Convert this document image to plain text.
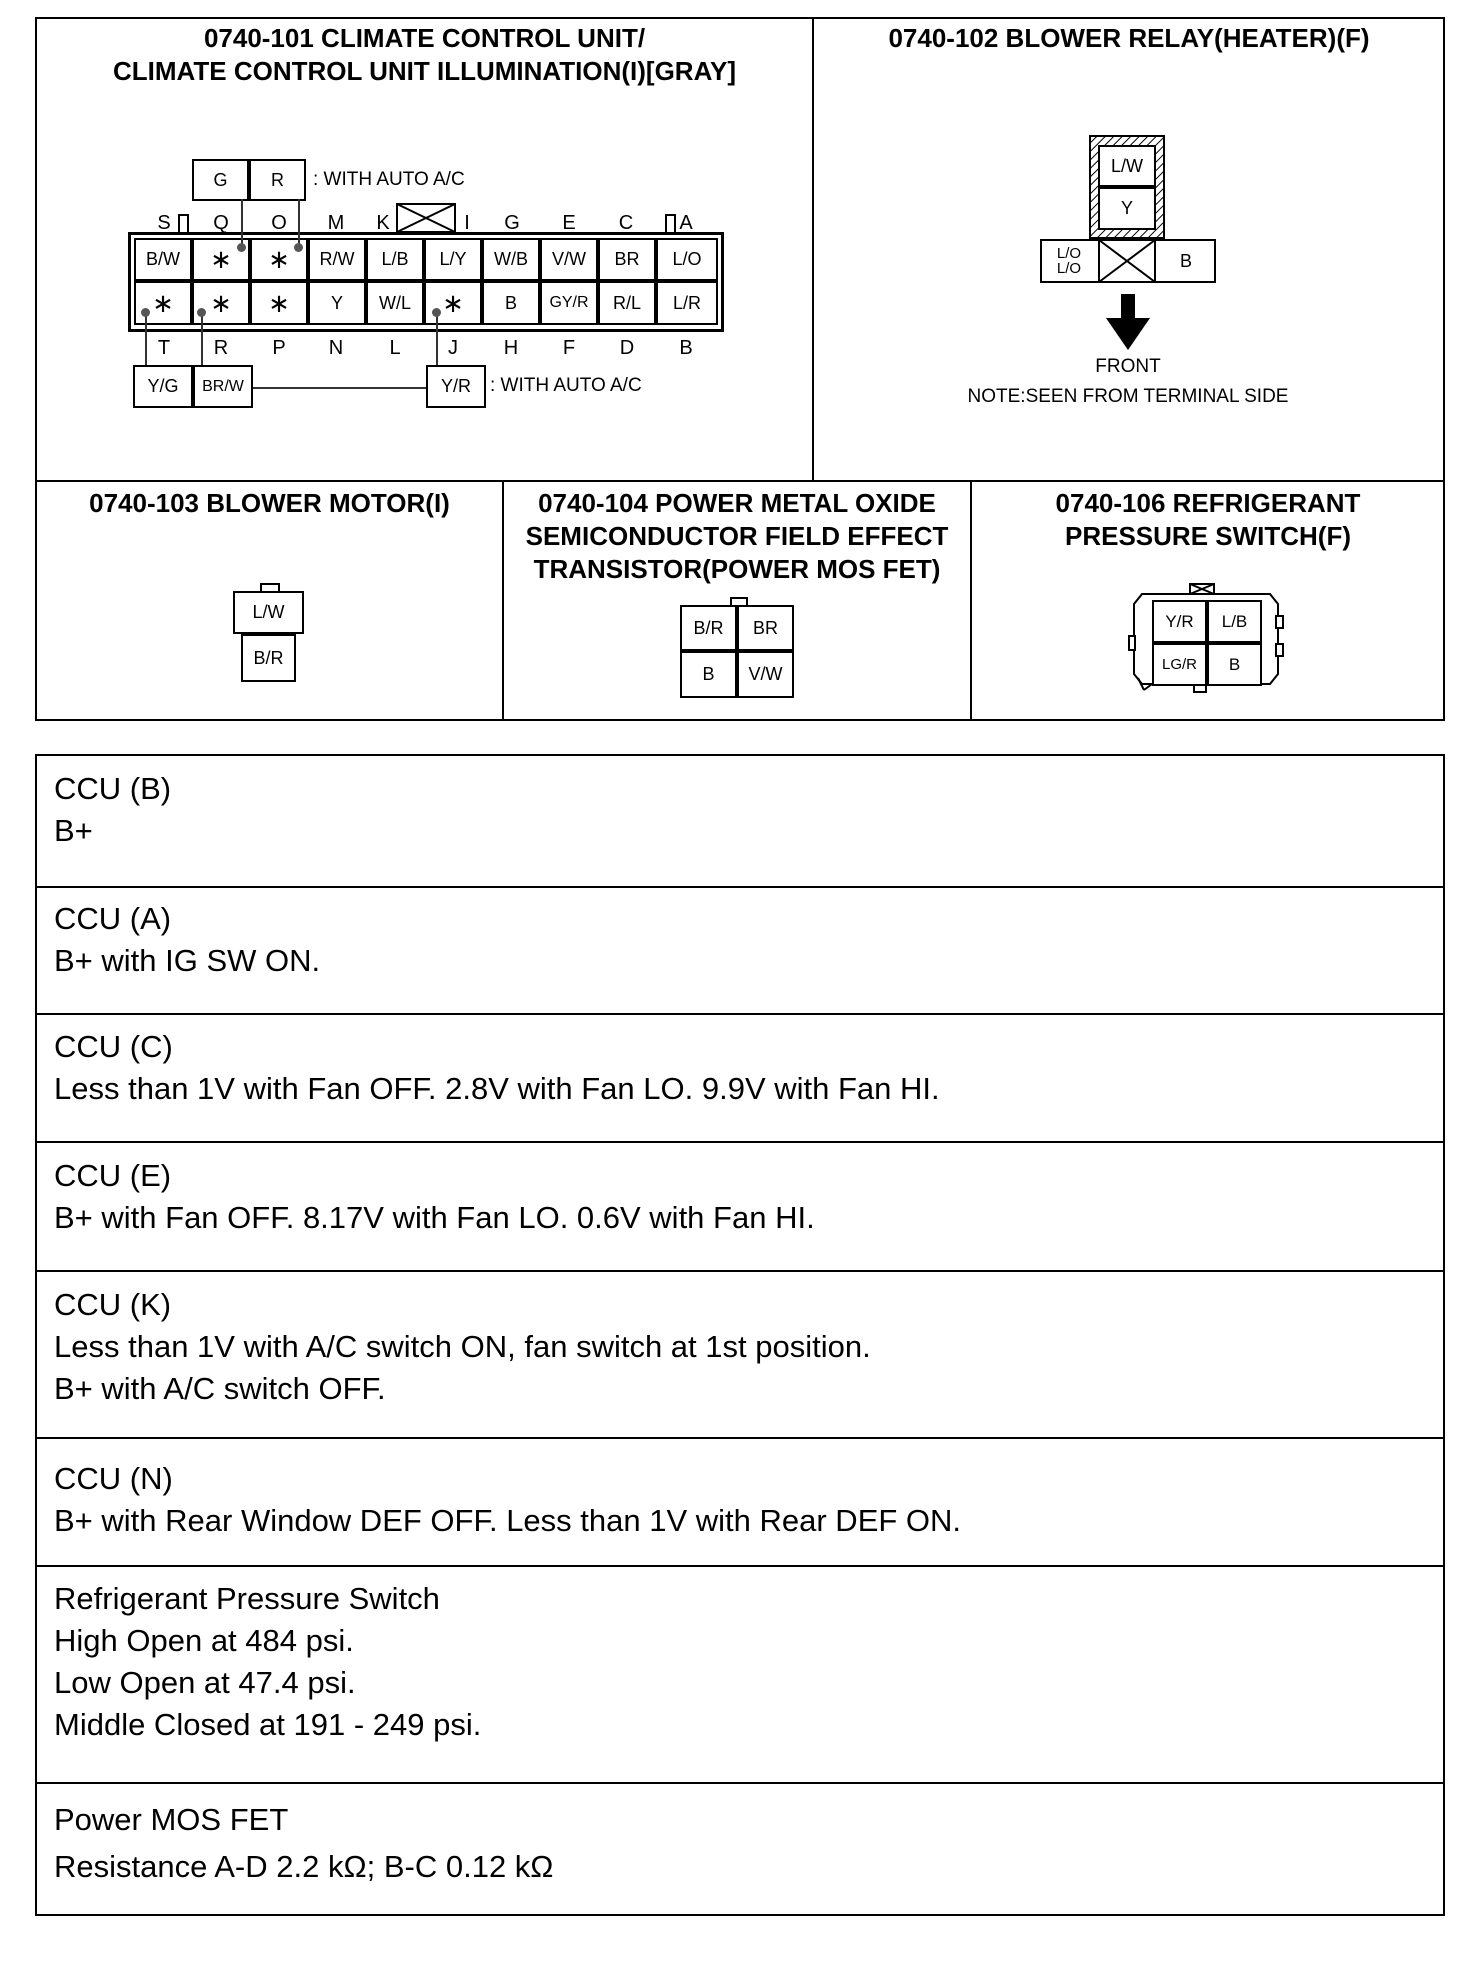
0740-101 CLIMATE CONTROL UNIT/
CLIMATE CONTROL UNIT ILLUMINATION(I)[GRAY]
0740-102 BLOWER RELAY(HEATER)(F)
0740-103 BLOWER MOTOR(I)	0740-104 POWER METAL OXIDE
SEMICONDUCTOR FIELD EFFECT
TRANSISTOR(POWER MOS FET)
0740-106 REFRIGERANT
PRESSURE SWITCH(F)
G	R	: WITH AUTO A/C
S Q O M K	I	G E C A
B/W	∗	∗	R/W	L/B	L/Y	W/B	V/W	BR	L/O
∗	∗	∗	Y	W/L	∗	B	GY/R	R/L	L/R
T R P N L	J	H F D B
Y/G	BR/W	Y/R	: WITH AUTO A/C
L/W
Y
L/O
L/O	B
FRONT
NOTE:SEEN FROM TERMINAL SIDE
L/W
B/R
B/R	BR
B	V/W
Y/R	L/B
LG/R	B
CCU (B)
B+
CCU (A)
B+ with IG SW ON.
CCU (C)
Less than 1V with Fan OFF. 2.8V with Fan LO. 9.9V with Fan HI.
CCU (E)
B+ with Fan OFF. 8.17V with Fan LO. 0.6V with Fan HI.
CCU (K)
Less than 1V with A/C switch ON, fan switch at 1st position.
B+ with A/C switch OFF.
CCU (N)
B+ with Rear Window DEF OFF. Less than 1V with Rear DEF ON.
Refrigerant Pressure Switch
High Open at 484 psi.
Low Open at 47.4 psi.
Middle Closed at 191 - 249 psi.
Power MOS FET
Resistance A-D 2.2 kΩ; B-C 0.12 kΩ
